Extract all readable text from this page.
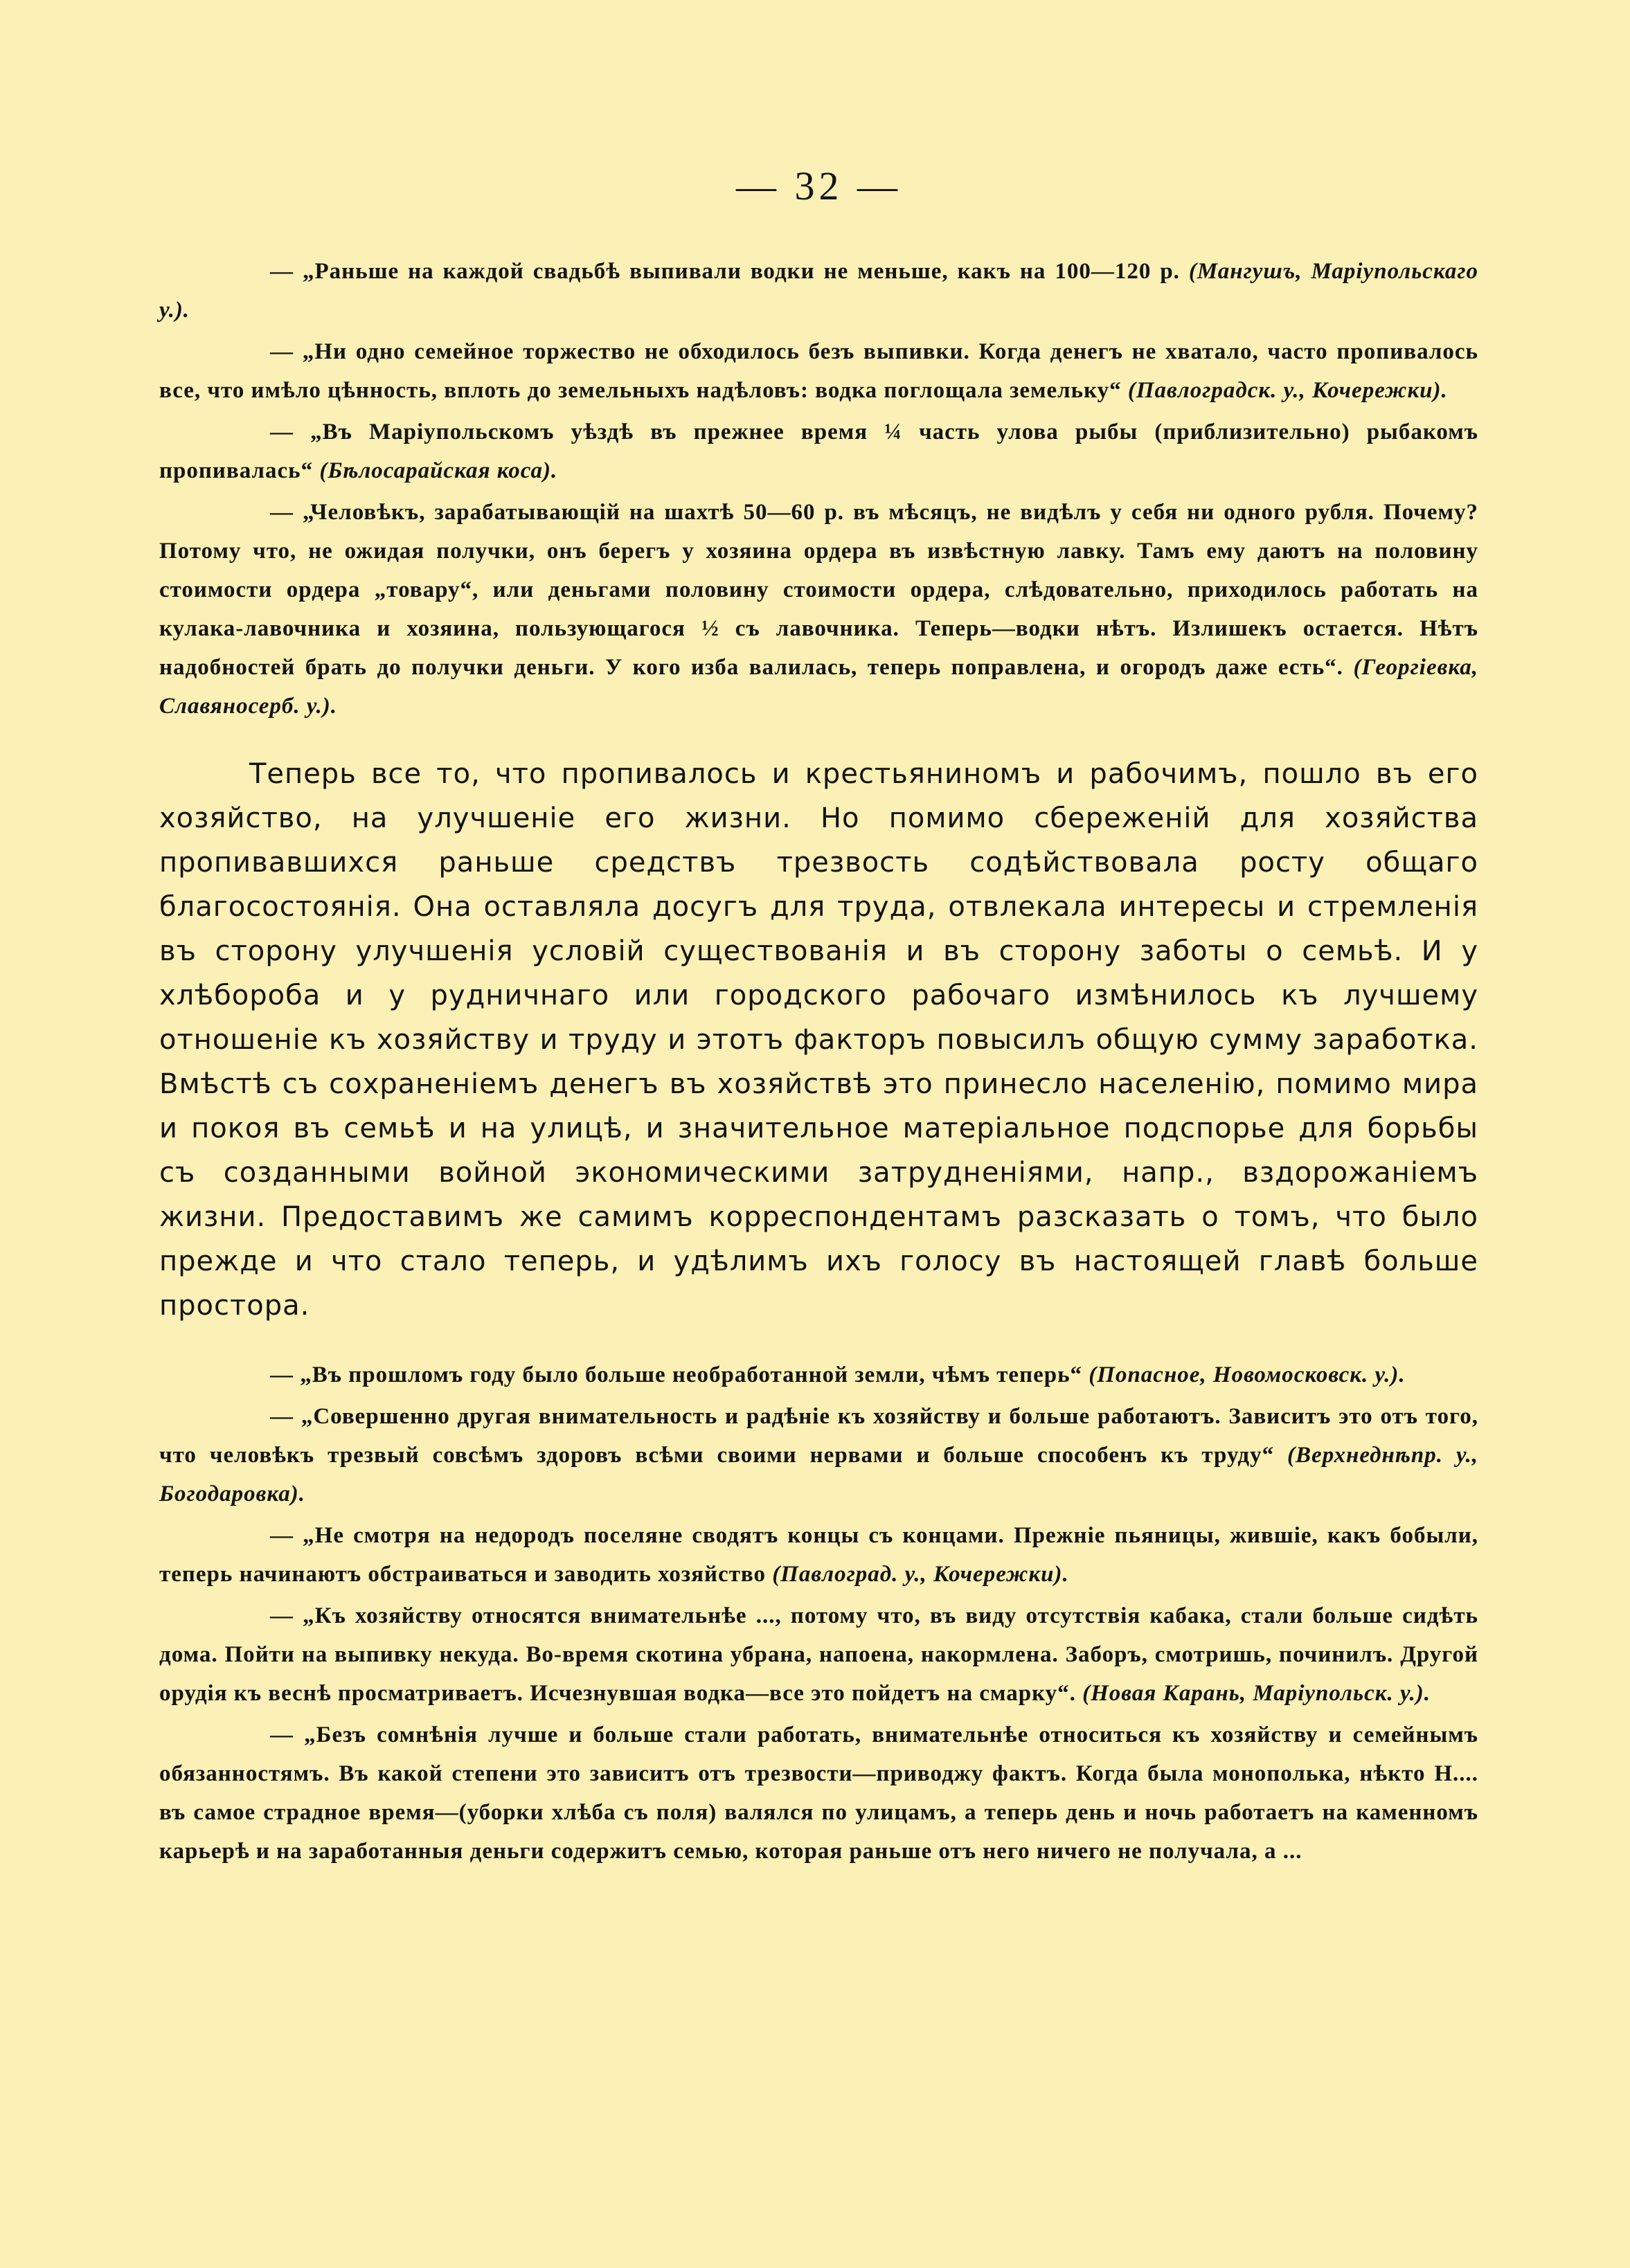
— 32 —

— „Раньше на каждой свадьбѣ выпивали водки не меньше, какъ на 100—120 р. (Мангушъ, Маріупольскаго у.).

— „Ни одно семейное торжество не обходилось безъ выпивки. Когда денегъ не хватало, часто пропивалось все, что имѣло цѣнность, вплоть до земельныхъ надѣловъ: водка поглощала земельку“ (Павлоградск. у., Кочережки).

— „Въ Маріупольскомъ уѣздѣ въ прежнее время ¼ часть улова рыбы (приблизительно) рыбакомъ пропивалась“ (Бѣлосарайская коса).

— „Человѣкъ, зарабатывающій на шахтѣ 50—60 р. въ мѣсяцъ, не видѣлъ у себя ни одного рубля. Почему? Потому что, не ожидая получки, онъ берегъ у хозяина ордера въ извѣстную лавку. Тамъ ему даютъ на половину стоимости ордера „товару“, или деньгами половину стоимости ордера, слѣдовательно, приходилось работать на кулака-лавочника и хозяина, пользующагося ½ съ лавочника. Теперь—водки нѣтъ. Излишекъ остается. Нѣтъ надобностей брать до получки деньги. У кого изба валилась, теперь поправлена, и огородъ даже есть“. (Георгіевка, Славяносерб. у.).

Теперь все то, что пропивалось и крестьяниномъ и рабочимъ, пошло въ его хозяйство, на улучшеніе его жизни. Но помимо сбереженій для хозяйства пропивавшихся раньше средствъ трезвость содѣйствовала росту общаго благосостоянія. Она оставляла досугъ для труда, отвлекала интересы и стремленія въ сторону улучшенія условій существованія и въ сторону заботы о семьѣ. И у хлѣбороба и у рудничнаго или городского рабочаго измѣнилось къ лучшему отношеніе къ хозяйству и труду и этотъ факторъ повысилъ общую сумму заработка. Вмѣстѣ съ сохраненіемъ денегъ въ хозяйствѣ это принесло населенію, помимо мира и покоя въ семьѣ и на улицѣ, и значительное матеріальное подспорье для борьбы съ созданными войной экономическими затрудненіями, напр., вздорожаніемъ жизни. Предоставимъ же самимъ корреспондентамъ разсказать о томъ, что было прежде и что стало теперь, и удѣлимъ ихъ голосу въ настоящей главѣ больше простора.

— „Въ прошломъ году было больше необработанной земли, чѣмъ теперь“ (Попасное, Новомосковск. у.).

— „Совершенно другая внимательность и радѣніе къ хозяйству и больше работаютъ. Зависитъ это отъ того, что человѣкъ трезвый совсѣмъ здоровъ всѣми своими нервами и больше способенъ къ труду“ (Верхнеднѣпр. у., Богодаровка).

— „Не смотря на недородъ поселяне сводятъ концы съ концами. Прежніе пьяницы, жившіе, какъ бобыли, теперь начинаютъ обстраиваться и заводить хозяйство (Павлоград. у., Кочережки).

— „Къ хозяйству относятся внимательнѣе ..., потому что, въ виду отсутствія кабака, стали больше сидѣть дома. Пойти на выпивку некуда. Во-время скотина убрана, напоена, накормлена. Заборъ, смотришь, починилъ. Другой орудія къ веснѣ просматриваетъ. Исчезнувшая водка—все это пойдетъ на смарку“. (Новая Карань, Маріупольск. у.).

— „Безъ сомнѣнія лучше и больше стали работать, внимательнѣе относиться къ хозяйству и семейнымъ обязанностямъ. Въ какой степени это зависитъ отъ трезвости—приводжу фактъ. Когда была монополька, нѣкто Н.... въ самое страдное время—(уборки хлѣба съ поля) валялся по улицамъ, а теперь день и ночь работаетъ на каменномъ карьерѣ и на заработанныя деньги содержитъ семью, которая раньше отъ него ничего не получала, а ...
